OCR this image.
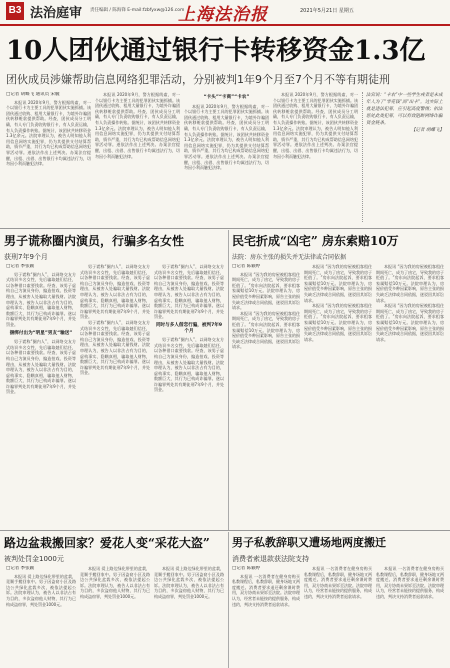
B3 法治庭审 责任编辑 / 陈海锋 E-mail:fzbfyxw@126.com
上海法治报	2021年5月21日 星期五
10人团伙通过银行卡转移资金1.3亿
团伙成员涉嫌帮助信息网络犯罪活动，分别被判1年9个月至7个月不等有期徒刑
□记者 胡蝶飞 通讯员 宋毓

本报讯 2020年9月，警方根据线索，对一个以银行卡为主要工具的犯罪团伙实施抓捕。该团伙通过收购、租用大量银行卡，为境外诈骗团伙转移赃款提供帮助。经查，团伙成员分工明确，有人专门负责收购银行卡，有人负责运输，有人负责操作转账。据统计，该团伙共转移资金1.3亿余元。法院审理认为，被告人明知他人利用信息网络实施犯罪，仍为其提供支付结算帮助，情节严重，其行为均已构成帮助信息网络犯罪活动罪。遂依法作出上述判决。办案法官提醒，出租、出借、出售银行卡均属违法行为，切勿因小利而触犯法律。

本报讯 2020年9月，警方根据线索，对一个以银行卡为主要工具的犯罪团伙实施抓捕。该团伙通过收购、租用大量银行卡，为境外诈骗团伙转移赃款提供帮助。经查，团伙成员分工明确，有人专门负责收购银行卡，有人负责运输，有人负责操作转账。据统计，该团伙共转移资金1.3亿余元。法院审理认为，被告人明知他人利用信息网络实施犯罪，仍为其提供支付结算帮助，情节严重，其行为均已构成帮助信息网络犯罪活动罪。遂依法作出上述判决。办案法官提醒，出租、出借、出售银行卡均属违法行为，切勿因小利而触犯法律。

“卡头”“卡商”“卡农”

本报讯 2020年9月，警方根据线索，对一个以银行卡为主要工具的犯罪团伙实施抓捕。该团伙通过收购、租用大量银行卡，为境外诈骗团伙转移赃款提供帮助。经查，团伙成员分工明确，有人专门负责收购银行卡，有人负责运输，有人负责操作转账。据统计，该团伙共转移资金1.3亿余元。法院审理认为，被告人明知他人利用信息网络实施犯罪，仍为其提供支付结算帮助，情节严重，其行为均已构成帮助信息网络犯罪活动罪。遂依法作出上述判决。办案法官提醒，出租、出借、出售银行卡均属违法行为，切勿因小利而触犯法律。

本报讯 2020年9月，警方根据线索，对一个以银行卡为主要工具的犯罪团伙实施抓捕。该团伙通过收购、租用大量银行卡，为境外诈骗团伙转移赃款提供帮助。经查，团伙成员分工明确，有人专门负责收购银行卡，有人负责运输，有人负责操作转账。据统计，该团伙共转移资金1.3亿余元。法院审理认为，被告人明知他人利用信息网络实施犯罪，仍为其提供支付结算帮助，情节严重，其行为均已构成帮助信息网络犯罪活动罪。遂依法作出上述判决。办案法官提醒，出租、出借、出售银行卡均属违法行为，切勿因小利而触犯法律。

法官说：“卡农”中一些学生或者是未成年人为了“零花钱”而“出卡”，这实际上就是违法犯罪，应引起高度警惕；依法惩处此类犯罪，可以有效阻断网络诈骗资金链条。
【记者 胡蝶飞】
男子谎称圈内演员，行骗多名女性
获刑7年9个月
□记者 季张颖

男子谎称“圈内人”，以网络交友方式结识多名女性，先后骗取她们信任，以各种借口索要钱款。经查，该男子虚构自己为演员身份，编造拍戏、投资等理由，从被害人处骗取大量钱财。法院审理认为，被告人以非法占有为目的，虚构事实、隐瞒真相，骗取他人财物，数额巨大，其行为已构成诈骗罪。遂以诈骗罪判处其有期徒刑7年9个月，并处罚金。

捆绑付出为“明星”男友“输送”

男子谎称“圈内人”，以网络交友方式结识多名女性，先后骗取她们信任，以各种借口索要钱款。经查，该男子虚构自己为演员身份，编造拍戏、投资等理由，从被害人处骗取大量钱财。法院审理认为，被告人以非法占有为目的，虚构事实、隐瞒真相，骗取他人财物，数额巨大，其行为已构成诈骗罪。遂以诈骗罪判处其有期徒刑7年9个月，并处罚金。

男子谎称“圈内人”，以网络交友方式结识多名女性，先后骗取她们信任，以各种借口索要钱款。经查，该男子虚构自己为演员身份，编造拍戏、投资等理由，从被害人处骗取大量钱财。法院审理认为，被告人以非法占有为目的，虚构事实、隐瞒真相，骗取他人财物，数额巨大，其行为已构成诈骗罪。遂以诈骗罪判处其有期徒刑7年9个月，并处罚金。

男子谎称“圈内人”，以网络交友方式结识多名女性，先后骗取她们信任，以各种借口索要钱款。经查，该男子虚构自己为演员身份，编造拍戏、投资等理由，从被害人处骗取大量钱财。法院审理认为，被告人以非法占有为目的，虚构事实、隐瞒真相，骗取他人财物，数额巨大，其行为已构成诈骗罪。遂以诈骗罪判处其有期徒刑7年9个月，并处罚金。

男子谎称“圈内人”，以网络交友方式结识多名女性，先后骗取她们信任，以各种借口索要钱款。经查，该男子虚构自己为演员身份，编造拍戏、投资等理由，从被害人处骗取大量钱财。法院审理认为，被告人以非法占有为目的，虚构事实、隐瞒真相，骗取他人财物，数额巨大，其行为已构成诈骗罪。遂以诈骗罪判处其有期徒刑7年9个月，并处罚金。

同时与多人偕恋行骗，被判7年9个月

男子谎称“圈内人”，以网络交友方式结识多名女性，先后骗取她们信任，以各种借口索要钱款。经查，该男子虚构自己为演员身份，编造拍戏、投资等理由，从被害人处骗取大量钱财。法院审理认为，被告人以非法占有为目的，虚构事实、隐瞒真相，骗取他人财物，数额巨大，其行为已构成诈骗罪。遂以诈骗罪判处其有期徒刑7年9个月，并处罚金。

民宅折成“凶宅” 房东索赔10万
法院：房东主张的损失并无法律或合同依据
□记者 陈颖婷

本报讯 “因为我的房屋被租客租住期间死亡，成为了凶宅，导致我的房子贬值了。”房东向法院起诉，要求租客家属赔偿10万元。法院审理认为，房屋价值受多种因素影响，原告主张的损失缺乏法律或合同依据，遂驳回其诉讼请求。

本报讯 “因为我的房屋被租客租住期间死亡，成为了凶宅，导致我的房子贬值了。”房东向法院起诉，要求租客家属赔偿10万元。法院审理认为，房屋价值受多种因素影响，原告主张的损失缺乏法律或合同依据，遂驳回其诉讼请求。

本报讯 “因为我的房屋被租客租住期间死亡，成为了凶宅，导致我的房子贬值了。”房东向法院起诉，要求租客家属赔偿10万元。法院审理认为，房屋价值受多种因素影响，原告主张的损失缺乏法律或合同依据，遂驳回其诉讼请求。

本报讯 “因为我的房屋被租客租住期间死亡，成为了凶宅，导致我的房子贬值了。”房东向法院起诉，要求租客家属赔偿10万元。法院审理认为，房屋价值受多种因素影响，原告主张的损失缺乏法律或合同依据，遂驳回其诉讼请求。

本报讯 “因为我的房屋被租客租住期间死亡，成为了凶宅，导致我的房子贬值了。”房东向法院起诉，要求租客家属赔偿10万元。法院审理认为，房屋价值受多种因素影响，原告主张的损失缺乏法律或合同依据，遂驳回其诉讼请求。

本报讯 “因为我的房屋被租客租住期间死亡，成为了凶宅，导致我的房子贬值了。”房东向法院起诉，要求租客家属赔偿10万元。法院审理认为，房屋价值受多种因素影响，原告主张的损失缺乏法律或合同依据，遂驳回其诉讼请求。

路边盆栽搬回家？爱花人变“采花大盗”
被判处罚金1000元
□记者 季张颖

本报讯 爱上路边绿化带里的盆栽，竟顺手搬回家中。男子因盗窃小区及路边公共绿化盆栽多次，被依法提起公诉。法院审理认为，被告人以非法占有为目的，多次盗窃他人财物，其行为已构成盗窃罪，判处罚金1000元。

本报讯 爱上路边绿化带里的盆栽，竟顺手搬回家中。男子因盗窃小区及路边公共绿化盆栽多次，被依法提起公诉。法院审理认为，被告人以非法占有为目的，多次盗窃他人财物，其行为已构成盗窃罪，判处罚金1000元。

本报讯 爱上路边绿化带里的盆栽，竟顺手搬回家中。男子因盗窃小区及路边公共绿化盆栽多次，被依法提起公诉。法院审理认为，被告人以非法占有为目的，多次盗窃他人财物，其行为已构成盗窃罪，判处罚金1000元。

男子私教辞职又遭场地两度搬迁
消费者索退款获法院支持
□记者 陈颖婷

本报讯 一名消费者在健身房购买私教课程后，私教辞职，健身场地又两度搬迁。消费者要求退还剩余课时费用，双方协商未果诉至法院。法院审理认为，经营者未能按约提供服务，构成违约，判决支持消费者退款请求。

本报讯 一名消费者在健身房购买私教课程后，私教辞职，健身场地又两度搬迁。消费者要求退还剩余课时费用，双方协商未果诉至法院。法院审理认为，经营者未能按约提供服务，构成违约，判决支持消费者退款请求。

本报讯 一名消费者在健身房购买私教课程后，私教辞职，健身场地又两度搬迁。消费者要求退还剩余课时费用，双方协商未果诉至法院。法院审理认为，经营者未能按约提供服务，构成违约，判决支持消费者退款请求。
